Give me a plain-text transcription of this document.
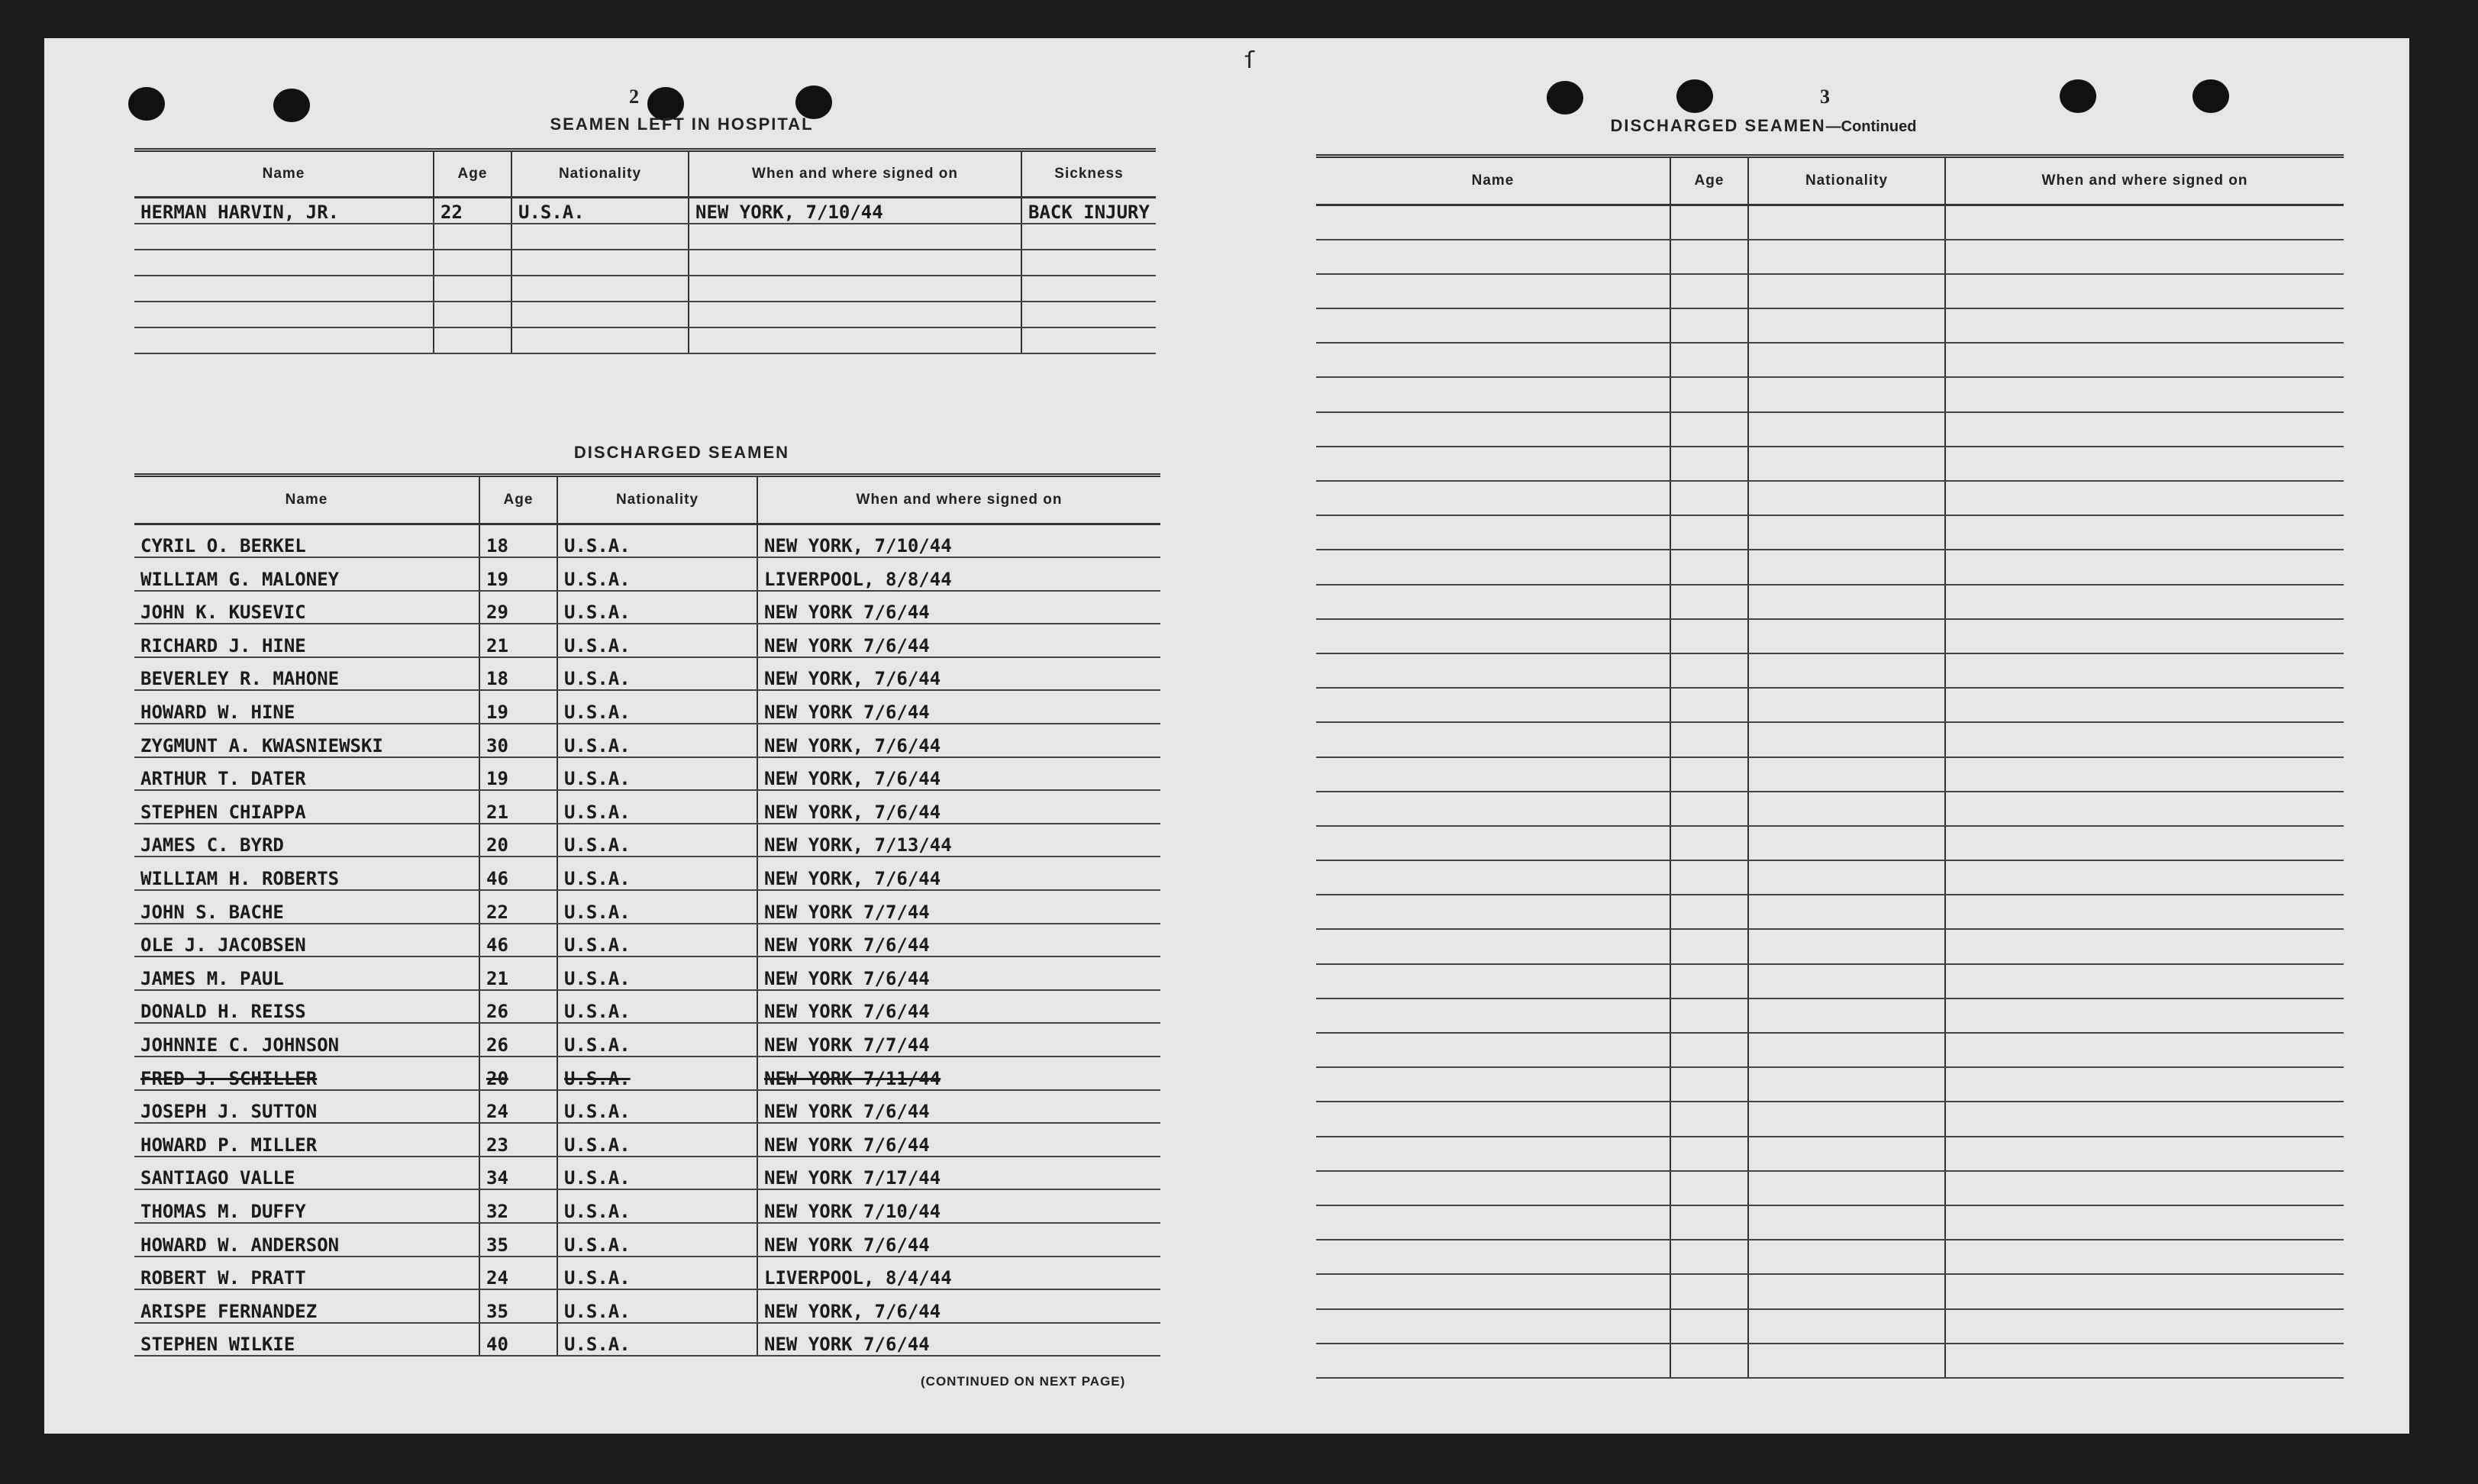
ſ
2
SEAMEN LEFT IN HOSPITAL
Name	Age	Nationality	When and where signed on	Sickness
HERMAN HARVIN, JR.	22	U.S.A.	NEW YORK, 7/10/44	BACK INJURY

DISCHARGED SEAMEN
Name	Age	Nationality	When and where signed on
CYRIL O. BERKEL	18	U.S.A.	NEW YORK, 7/10/44
WILLIAM G. MALONEY	19	U.S.A.	LIVERPOOL, 8/8/44
JOHN K. KUSEVIC	29	U.S.A.	NEW YORK 7/6/44
RICHARD J. HINE	21	U.S.A.	NEW YORK 7/6/44
BEVERLEY R. MAHONE	18	U.S.A.	NEW YORK, 7/6/44
HOWARD W. HINE	19	U.S.A.	NEW YORK 7/6/44
ZYGMUNT A. KWASNIEWSKI	30	U.S.A.	NEW YORK, 7/6/44
ARTHUR T. DATER	19	U.S.A.	NEW YORK, 7/6/44
STEPHEN CHIAPPA	21	U.S.A.	NEW YORK, 7/6/44
JAMES C. BYRD	20	U.S.A.	NEW YORK, 7/13/44
WILLIAM H. ROBERTS	46	U.S.A.	NEW YORK, 7/6/44
JOHN S. BACHE	22	U.S.A.	NEW YORK 7/7/44
OLE J. JACOBSEN	46	U.S.A.	NEW YORK 7/6/44
JAMES M. PAUL	21	U.S.A.	NEW YORK 7/6/44
DONALD H. REISS	26	U.S.A.	NEW YORK 7/6/44
JOHNNIE C. JOHNSON	26	U.S.A.	NEW YORK 7/7/44
FRED J. SCHILLER	20	U.S.A.	NEW YORK 7/11/44
JOSEPH J. SUTTON	24	U.S.A.	NEW YORK 7/6/44
HOWARD P. MILLER	23	U.S.A.	NEW YORK 7/6/44
SANTIAGO VALLE	34	U.S.A.	NEW YORK 7/17/44
THOMAS M. DUFFY	32	U.S.A.	NEW YORK 7/10/44
HOWARD W. ANDERSON	35	U.S.A.	NEW YORK 7/6/44
ROBERT W. PRATT	24	U.S.A.	LIVERPOOL, 8/4/44
ARISPE FERNANDEZ	35	U.S.A.	NEW YORK, 7/6/44
STEPHEN WILKIE	40	U.S.A.	NEW YORK 7/6/44
(CONTINUED ON NEXT PAGE)
3
DISCHARGED SEAMEN—Continued
Name	Age	Nationality	When and where signed on
